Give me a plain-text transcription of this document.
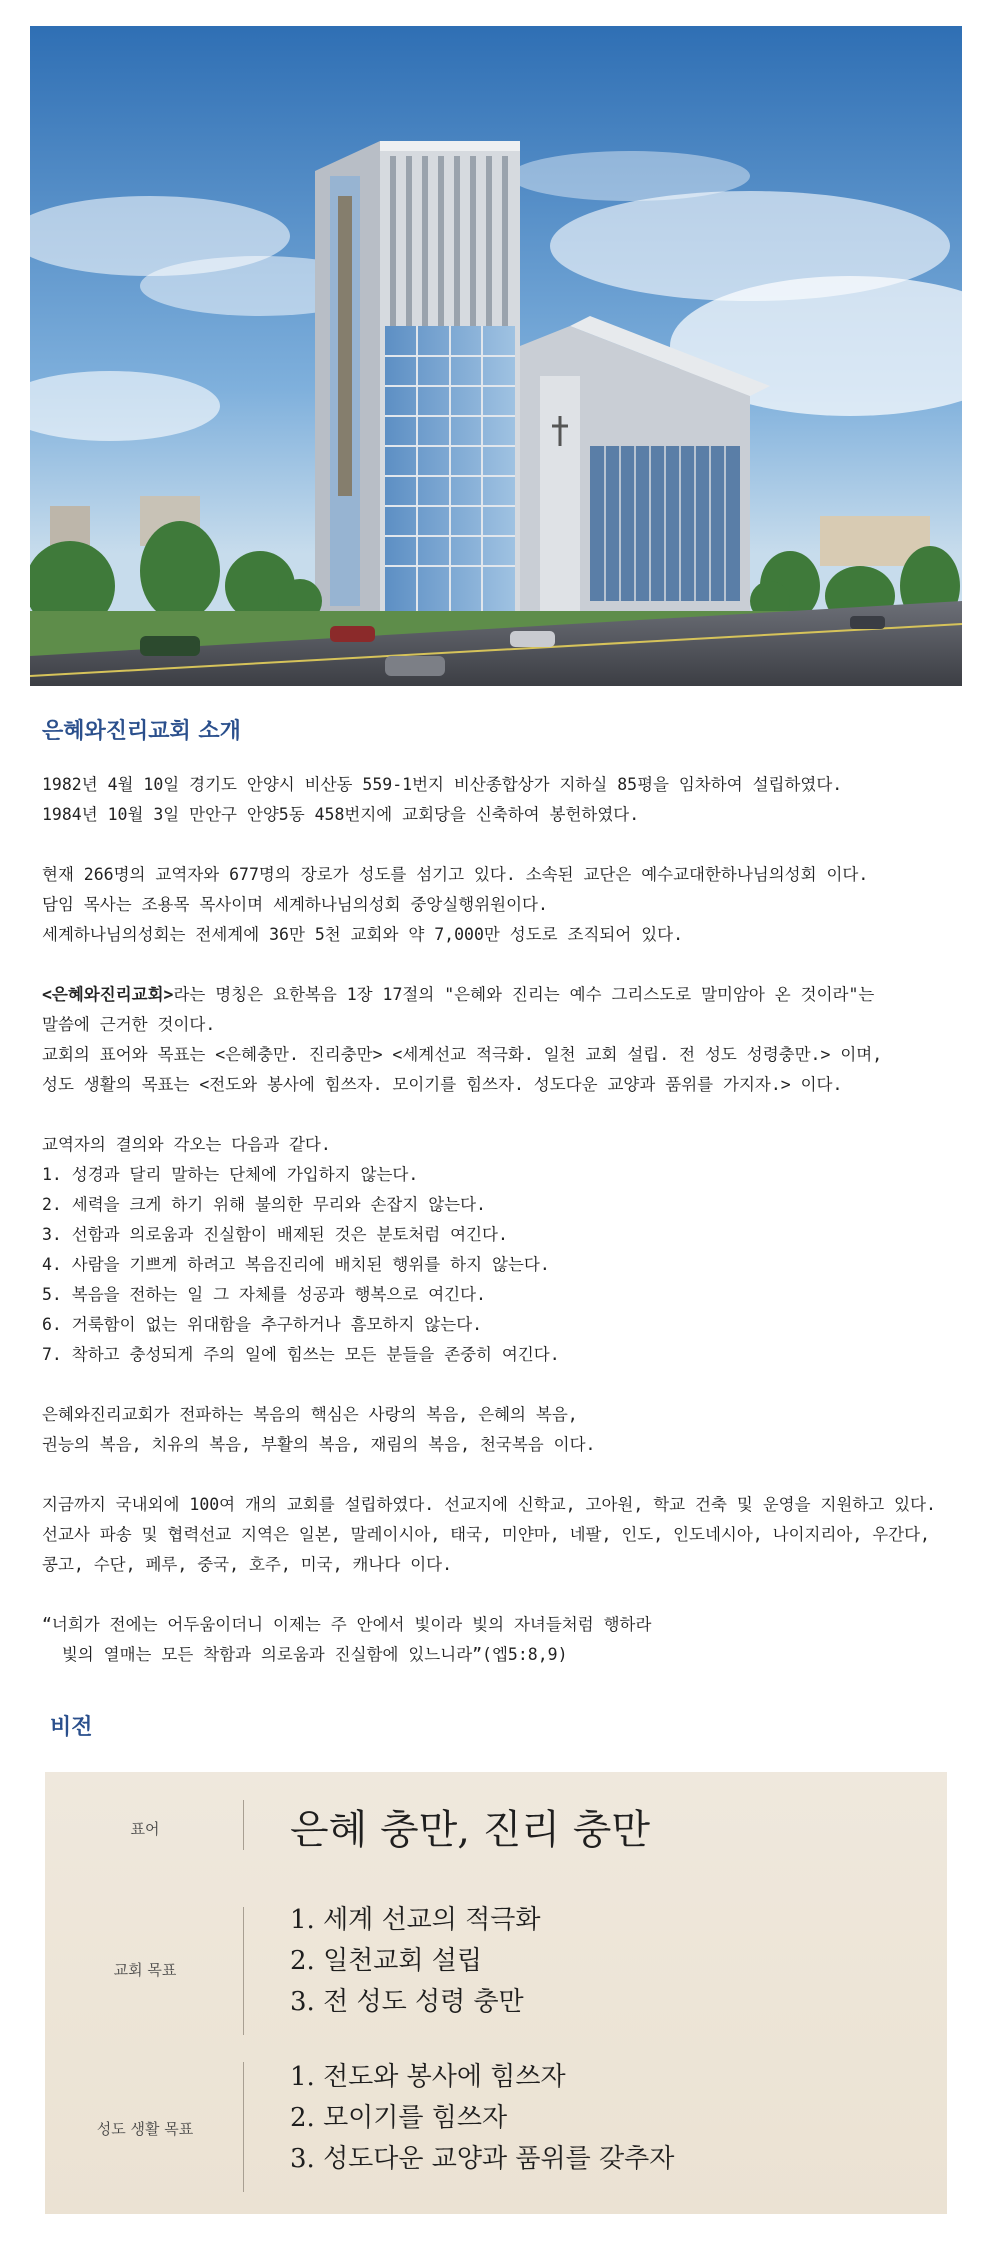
은혜와진리교회 소개
1982년 4월 10일 경기도 안양시 비산동 559-1번지 비산종합상가 지하실 85평을 임차하여 설립하였다.
1984년 10월 3일 만안구 안양5동 458번지에 교회당을 신축하여 봉헌하였다.
현재 266명의 교역자와 677명의 장로가 성도를 섬기고 있다. 소속된 교단은 예수교대한하나님의성회 이다.
담임 목사는 조용목 목사이며 세계하나님의성회 중앙실행위원이다.
세계하나님의성회는 전세계에 36만 5천 교회와 약 7,000만 성도로 조직되어 있다.
<은혜와진리교회>라는 명칭은 요한복음 1장 17절의 "은혜와 진리는 예수 그리스도로 말미암아 온 것이라"는
말씀에 근거한 것이다.
교회의 표어와 목표는 <은혜충만. 진리충만> <세계선교 적극화. 일천 교회 설립. 전 성도 성령충만.> 이며,
성도 생활의 목표는 <전도와 봉사에 힘쓰자. 모이기를 힘쓰자. 성도다운 교양과 품위를 가지자.> 이다.
교역자의 결의와 각오는 다음과 같다.
1. 성경과 달리 말하는 단체에 가입하지 않는다.
2. 세력을 크게 하기 위해 불의한 무리와 손잡지 않는다.
3. 선함과 의로움과 진실함이 배제된 것은 분토처럼 여긴다.
4. 사람을 기쁘게 하려고 복음진리에 배치된 행위를 하지 않는다.
5. 복음을 전하는 일 그 자체를 성공과 행복으로 여긴다.
6. 거룩함이 없는 위대함을 추구하거나 흠모하지 않는다.
7. 착하고 충성되게 주의 일에 힘쓰는 모든 분들을 존중히 여긴다.
은혜와진리교회가 전파하는 복음의 핵심은 사랑의 복음, 은혜의 복음,
권능의 복음, 치유의 복음, 부활의 복음, 재림의 복음, 천국복음 이다.
지금까지 국내외에 100여 개의 교회를 설립하였다. 선교지에 신학교, 고아원, 학교 건축 및 운영을 지원하고 있다.
선교사 파송 및 협력선교 지역은 일본, 말레이시아, 태국, 미얀마, 네팔, 인도, 인도네시아, 나이지리아, 우간다,
콩고, 수단, 페루, 중국, 호주, 미국, 캐나다 이다.
“너희가 전에는 어두움이더니 이제는 주 안에서 빛이라 빛의 자녀들처럼 행하라
빛의 열매는 모든 착함과 의로움과 진실함에 있느니라”(엡5:8,9)
비전
표어	은혜 충만, 진리 충만
교회 목표
1. 세계 선교의 적극화
2. 일천교회 설립
3. 전 성도 성령 충만
성도 생활 목표
1. 전도와 봉사에 힘쓰자
2. 모이기를 힘쓰자
3. 성도다운 교양과 품위를 갖추자
